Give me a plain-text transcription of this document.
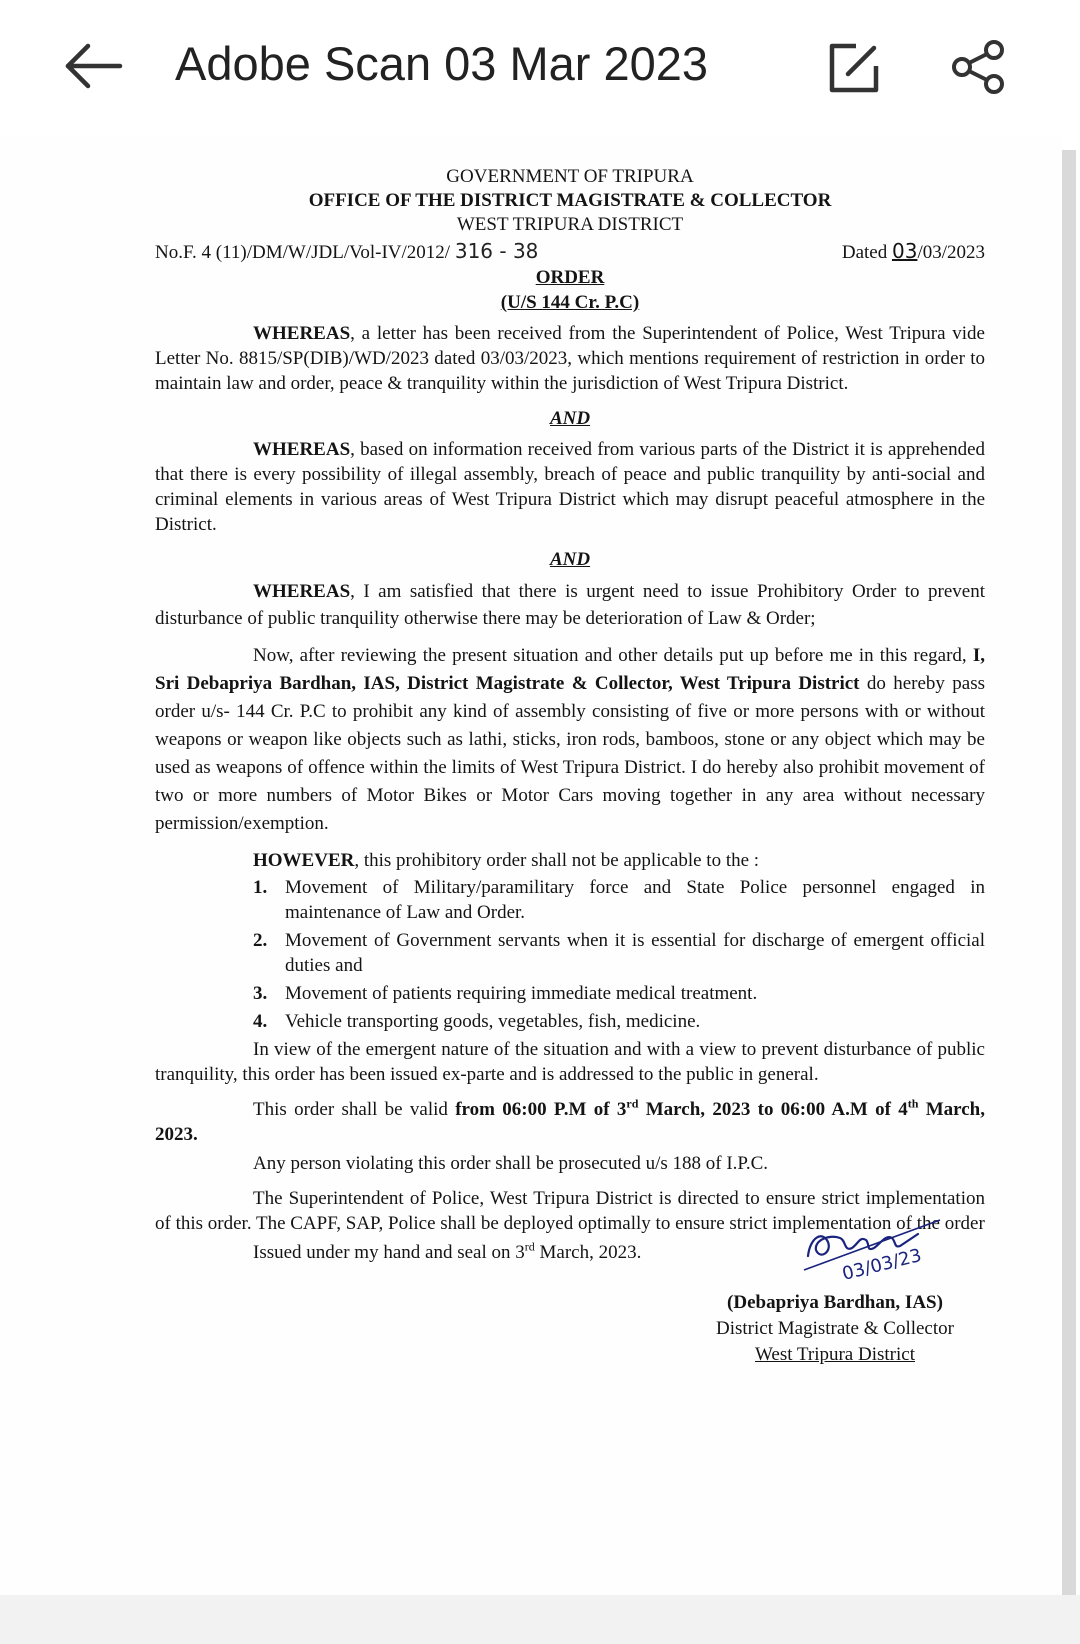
Adobe Scan 03 Mar 2023
GOVERNMENT OF TRIPURA
OFFICE OF THE DISTRICT MAGISTRATE & COLLECTOR
WEST TRIPURA DISTRICT
No.F. 4 (11)/DM/W/JDL/Vol-IV/2012/ 316 - 38	Dated 03/03/2023
ORDER
(U/S 144 Cr. P.C)

WHEREAS, a letter has been received from the Superintendent of Police, West Tripura vide Letter No. 8815/SP(DIB)/WD/2023 dated 03/03/2023, which mentions requirement of restriction in order to maintain law and order, peace & tranquility within the jurisdiction of West Tripura District.

AND

WHEREAS, based on information received from various parts of the District it is apprehended that there is every possibility of illegal assembly, breach of peace and public tranquility by anti-social and criminal elements in various areas of West Tripura District which may disrupt peaceful atmosphere in the District.

AND

WHEREAS, I am satisfied that there is urgent need to issue Prohibitory Order to prevent disturbance of public tranquility otherwise there may be deterioration of Law & Order;

Now, after reviewing the present situation and other details put up before me in this regard, I, Sri Debapriya Bardhan, IAS, District Magistrate & Collector, West Tripura District do hereby pass order u/s- 144 Cr. P.C to prohibit any kind of assembly consisting of five or more persons with or without weapons or weapon like objects such as lathi, sticks, iron rods, bamboos, stone or any object which may be used as weapons of offence within the limits of West Tripura District. I do hereby also prohibit movement of two or more numbers of Motor Bikes or Motor Cars moving together in any area without necessary permission/exemption.

HOWEVER, this prohibitory order shall not be applicable to the :

1. Movement of Military/paramilitary force and State Police personnel engaged in maintenance of Law and Order.
2. Movement of Government servants when it is essential for discharge of emergent official duties and
3. Movement of patients requiring immediate medical treatment.
4. Vehicle transporting goods, vegetables, fish, medicine.

In view of the emergent nature of the situation and with a view to prevent disturbance of public tranquility, this order has been issued ex-parte and is addressed to the public in general.

This order shall be valid from 06:00 P.M of 3rd March, 2023 to 06:00 A.M of 4th March, 2023.

Any person violating this order shall be prosecuted u/s 188 of I.P.C.

The Superintendent of Police, West Tripura District is directed to ensure strict implementation of this order. The CAPF, SAP, Police shall be deployed optimally to ensure strict implementation of the order

Issued under my hand and seal on 3rd March, 2023.	03/03/23
(Debapriya Bardhan, IAS)
District Magistrate & Collector
West Tripura District
